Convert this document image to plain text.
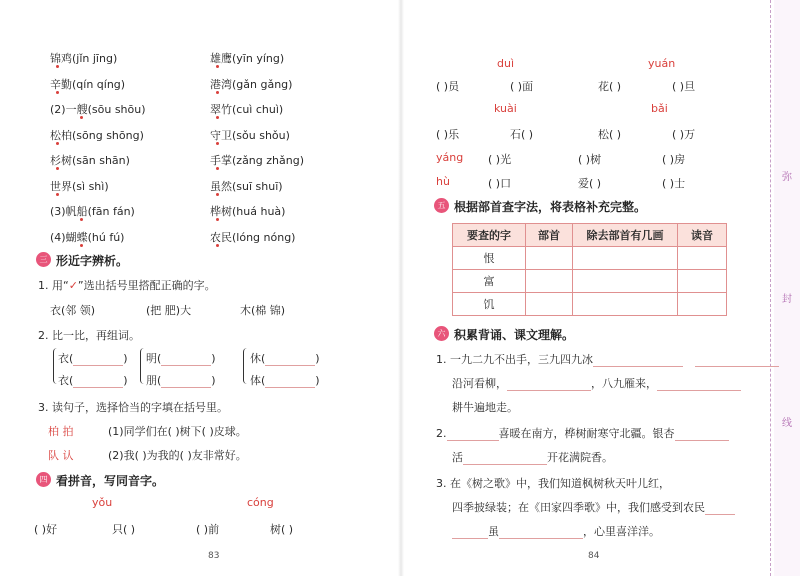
弥
封
线
锦鸡(jǐn jīng)
辛勤(qín qíng)
(2)一艘(sōu shōu)
松柏(sōng shōng)
杉树(sān shān)
世界(sì shì)
(3)帆船(fān fán)
(4)蝴蝶(hú fú)
雄鹰(yīn yíng)
港湾(gǎn gǎng)
翠竹(cuì chuì)
守卫(sǒu shǒu)
手掌(zǎng zhǎng)
虽然(suī shuī)
桦树(huá huà)
农民(lóng nóng)
三 形近字辨析。
1. 用“✓”选出括号里搭配正确的字。
衣(邻 领)	(把 肥)大	木(棉 锦)
2. 比一比，再组词。
衣(	)
衣(	)
明(	)
朋(	)
休(	)
体(	)
3. 读句子，选择恰当的字填在括号里。
柏 拍	(1)同学们在( )树下( )皮球。
队 认	(2)我( )为我的( )友非常好。
四 看拼音，写同音字。
yǒu	cóng
( )好	只( )	( )前	树( )
83
duì	yuán
( )员	( )面	花( )	( )旦
kuài	bǎi
( )乐	石( )	松( )	( )万
yáng ( )光	( )树	( )房
hù	( )口	爱( )	( )士
五 根据部首查字法，将表格补充完整。
要查的字	部首	除去部首有几画	读音
恨			
富			
饥			
六 积累背诵、课文理解。
1. 一九二九不出手，三九四九冰
沿河看柳，	，八九雁来，
耕牛遍地走。
2.	喜暖在南方，桦树耐寒守北疆。银杏
活	开花满院香。
3. 在《树之歌》中，我们知道枫树秋天叶儿红，
四季披绿装；在《田家四季歌》中，我们感受到农民
虽	，心里喜洋洋。
84
